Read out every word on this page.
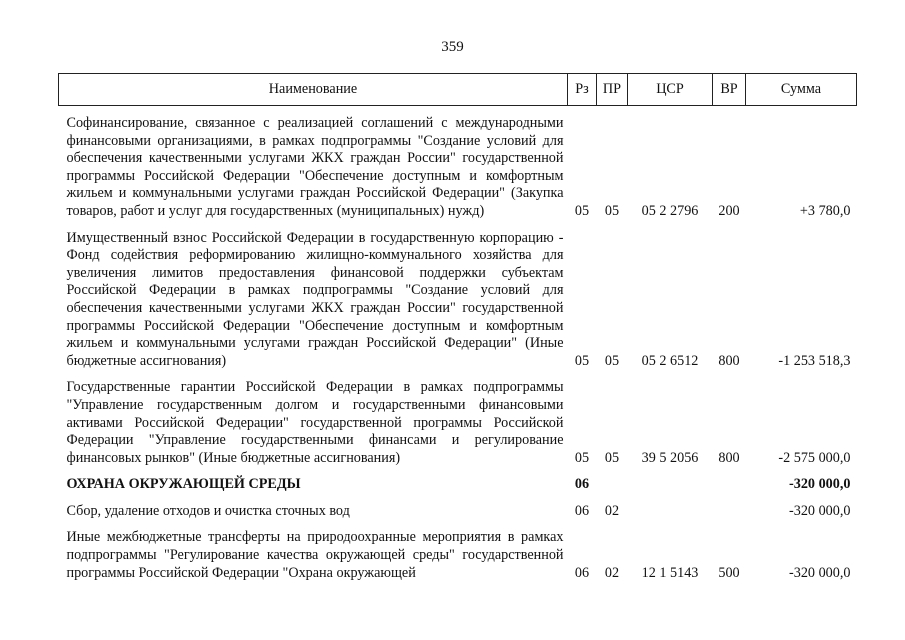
359
Наименование	Рз	ПР	ЦСР	ВР	Сумма

Софинансирование, связанное с реализацией соглашений с международными финансовыми организациями, в рамках подпрограммы "Создание условий для обеспечения качественными услугами ЖКХ граждан России" государственной программы Российской Федерации "Обеспечение доступным и комфортным жильем и коммунальными услугами граждан Российской Федерации" (Закупка товаров, работ и услуг для государственных (муниципальных) нужд)	05	05	05 2 2796	200	+3 780,0

Имущественный взнос Российской Федерации в государственную корпорацию - Фонд содействия реформированию жилищно-коммунального хозяйства для увеличения лимитов предоставления финансовой поддержки субъектам Российской Федерации в рамках подпрограммы "Создание условий для обеспечения качественными услугами ЖКХ граждан России" государственной программы Российской Федерации "Обеспечение доступным и комфортным жильем и коммунальными услугами граждан Российской Федерации" (Иные бюджетные ассигнования)	05	05	05 2 6512	800	-1 253 518,3

Государственные гарантии Российской Федерации в рамках подпрограммы "Управление государственным долгом и государственными финансовыми активами Российской Федерации" государственной программы Российской Федерации "Управление государственными финансами и регулирование финансовых рынков" (Иные бюджетные ассигнования)	05	05	39 5 2056	800	-2 575 000,0

ОХРАНА ОКРУЖАЮЩЕЙ СРЕДЫ	06				-320 000,0

Сбор, удаление отходов и очистка сточных вод	06	02			-320 000,0

Иные межбюджетные трансферты на природоохранные мероприятия в рамках подпрограммы "Регулирование качества окружающей среды" государственной программы Российской Федерации "Охрана окружающей	06	02	12 1 5143	500	-320 000,0
